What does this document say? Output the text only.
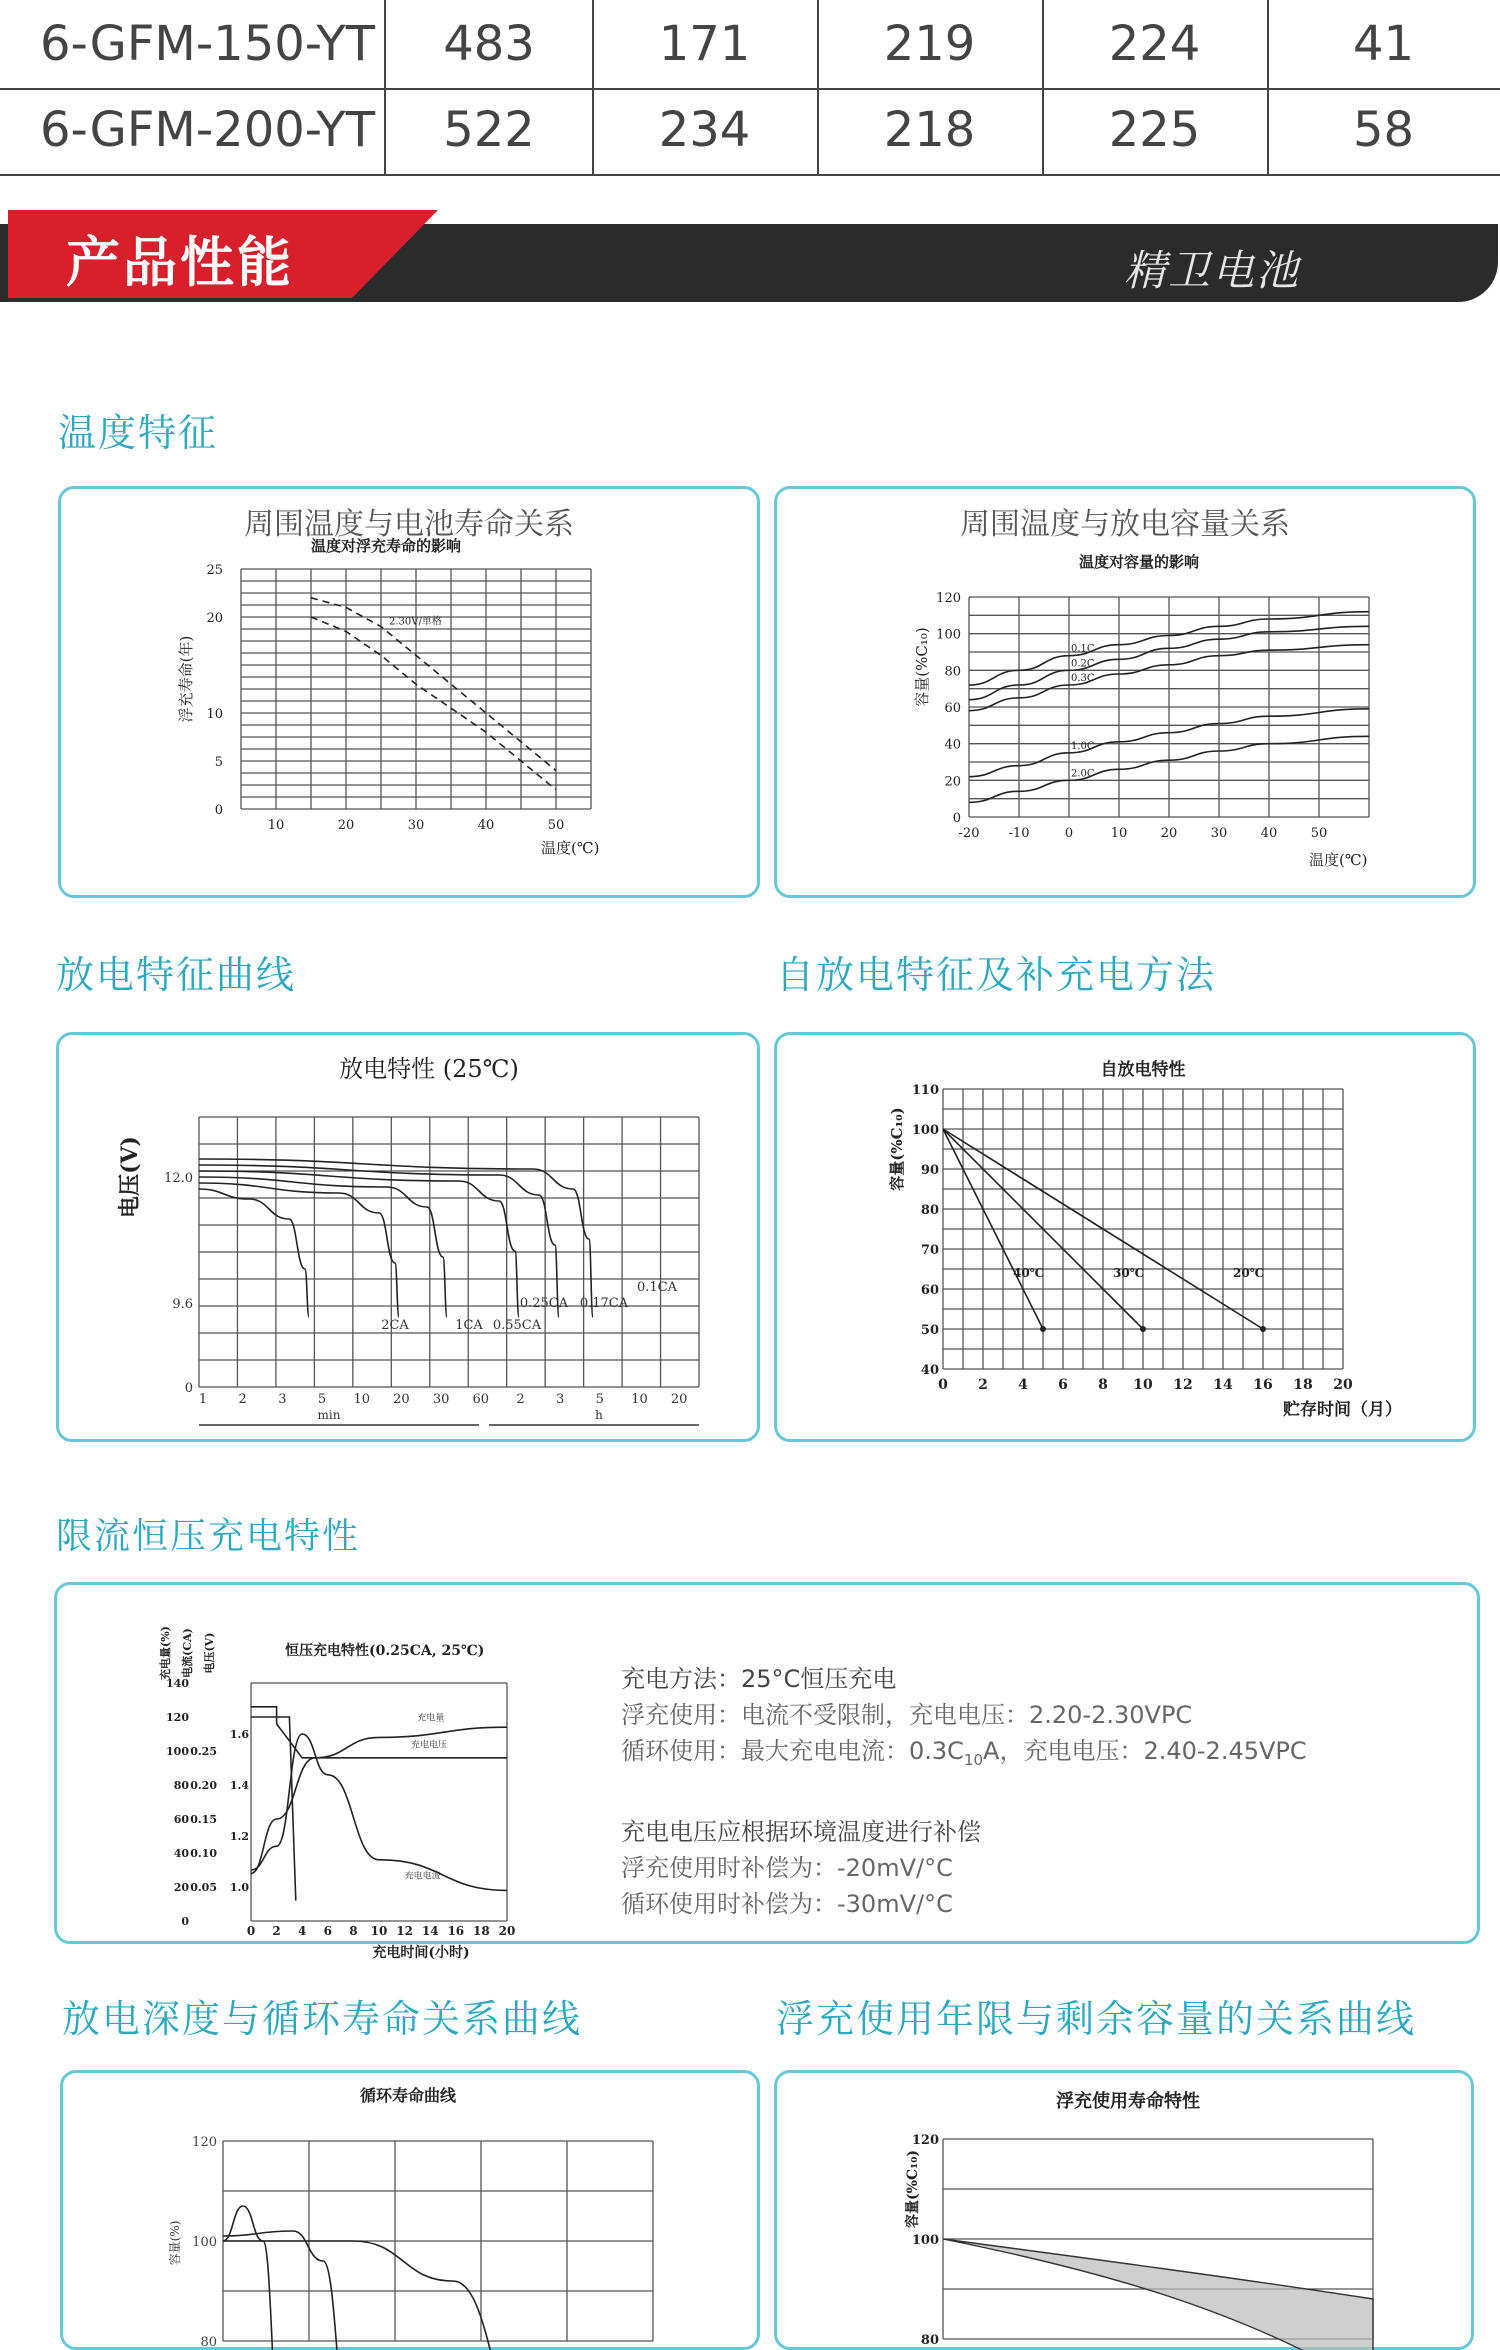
6-GFM-150-YT	483	171	219	224	41
6-GFM-200-YT	522	234	218	225	58
产品性能	精卫电池
温度特征
放电特征曲线	自放电特征及补充电方法
限流恒压充电特性
放电深度与循环寿命关系曲线	浮充使用年限与剩余容量的关系曲线
周围温度与电池寿命关系
温度对浮充寿命的影响
10	20	30	40	50
0
5
10
20
25
温度(℃)
浮充寿命(年)
2.30V/单格
周围温度与放电容量关系
温度对容量的影响
-20 -10	0	10	20	30	40	50
0
20
40
60
80
100
120
温度(℃)
容量(%C₁₀)	0.1C
0.2C
0.3C
1.0C
2.0C
放电特性 (25℃)
电压(V)
0
9.6
12.0
1 2 3 5 10 20 30 60 2 3 5 10 20
min	h
2CA	1CA 0.55CA
0.25CA 0.17CA
0.1CA
自放电特性
0 2 4 6 8 10 12 14 16 18 20
40
50
60
70
80
90
100
110
贮存时间（月）
容量(%C₁₀)
40℃	30℃	20℃
恒压充电特性(0.25CA, 25℃)
0 2 4 6 8 10 12 14 16 18 20
充电时间(小时)
0
20
40
60
80
100
120
140
0.05
0.10
0.15
0.20
0.25
1.0
1.2
1.4
1.6
充电量(%) 电流(CA) 电压(V)
充电量
充电电压
充电电流
充电方法：25°C恒压充电
浮充使用：电流不受限制，充电电压：2.20-2.30VPC
循环使用：最大充电电流：$0.3C_{10}A$，充电电压：2.40-2.45VPC
充电电压应根据环境温度进行补偿
浮充使用时补偿为：-20mV/°C
循环使用时补偿为：-30mV/°C
循环寿命曲线
80
100
120
容量(%)
浮充使用寿命特性
80
100
120
容量(%C₁₀)
